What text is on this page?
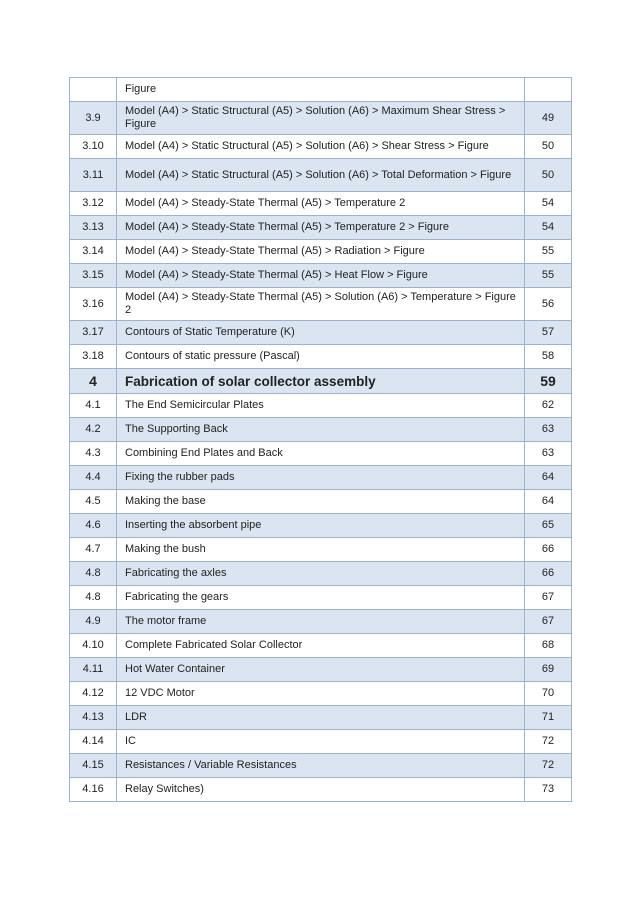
	Figure	
3.9	Model (A4) > Static Structural (A5) > Solution (A6) > Maximum Shear Stress > Figure	49
3.10	Model (A4) > Static Structural (A5) > Solution (A6) > Shear Stress > Figure	50
3.11	Model (A4) > Static Structural (A5) > Solution (A6) > Total Deformation > Figure	50
3.12	Model (A4) > Steady-State Thermal (A5) > Temperature 2	54
3.13	Model (A4) > Steady-State Thermal (A5) > Temperature 2 > Figure	54
3.14	Model (A4) > Steady-State Thermal (A5) > Radiation > Figure	55
3.15	Model (A4) > Steady-State Thermal (A5) > Heat Flow > Figure	55
3.16	Model (A4) > Steady-State Thermal (A5) > Solution (A6) > Temperature > Figure 2	56
3.17	Contours of Static Temperature (K)	57
3.18	Contours of static pressure (Pascal)	58
4	Fabrication of solar collector assembly	59
4.1	The End Semicircular Plates	62
4.2	The Supporting Back	63
4.3	Combining End Plates and Back	63
4.4	Fixing the rubber pads	64
4.5	Making the base	64
4.6	Inserting the absorbent pipe	65
4.7	Making the bush	66
4.8	Fabricating the axles	66
4.8	Fabricating the gears	67
4.9	The motor frame	67
4.10	Complete Fabricated Solar Collector	68
4.11	Hot Water Container	69
4.12	12 VDC Motor	70
4.13	LDR	71
4.14	IC	72
4.15	Resistances / Variable Resistances	72
4.16	Relay Switches)	73
